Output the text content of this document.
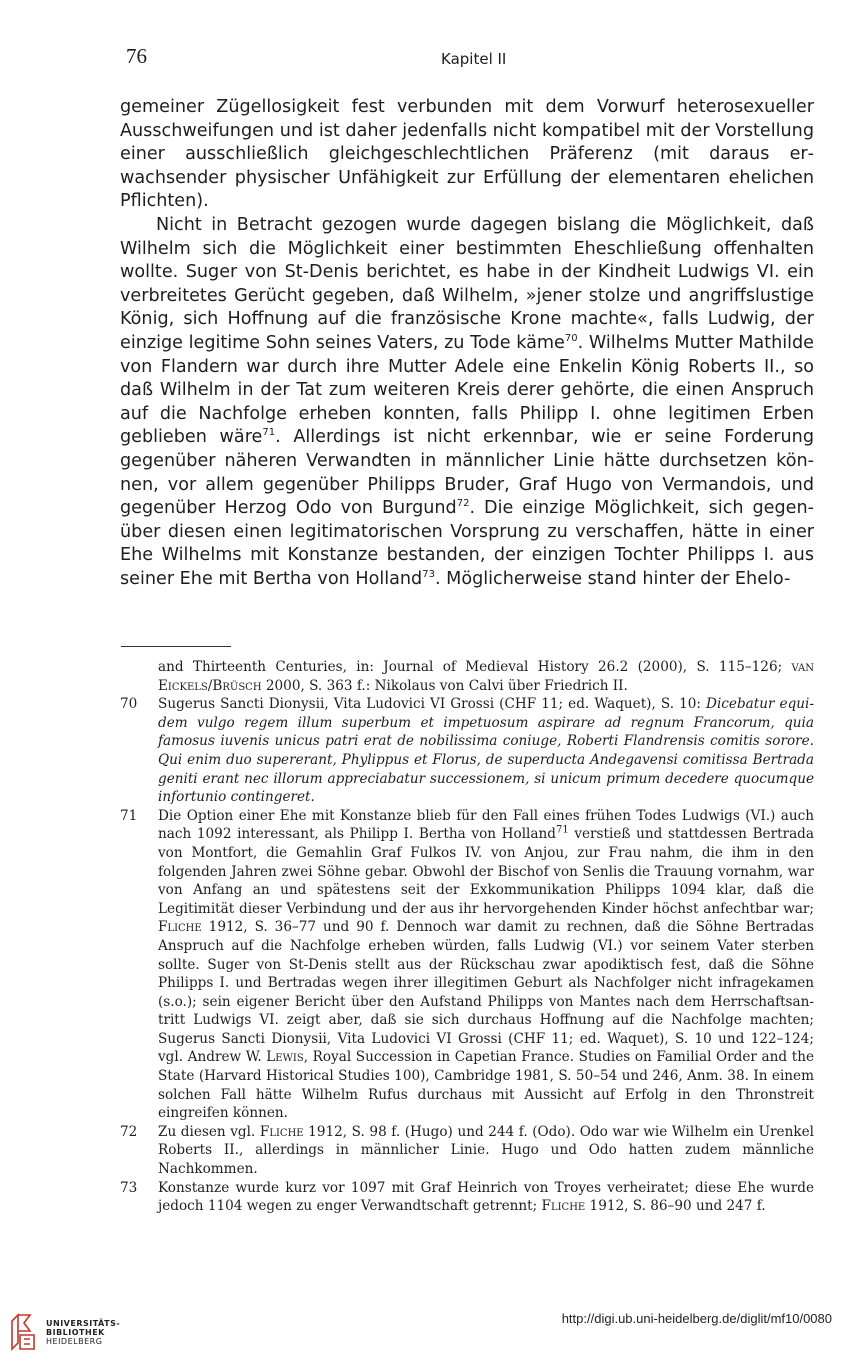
76	Kapitel II

gemeiner Zügellosigkeit fest verbunden mit dem Vorwurf heterosexueller Ausschweifungen und ist daher jedenfalls nicht kompatibel mit der Vorstellung einer ausschließlich gleichgeschlechtlichen Präferenz (mit daraus erwachsender physischer Unfähigkeit zur Erfüllung der elementaren ehelichen Pflichten).

Nicht in Betracht gezogen wurde dagegen bislang die Möglichkeit, daß Wilhelm sich die Möglichkeit einer bestimmten Eheschließung offenhalten wollte. Suger von St-Denis berichtet, es habe in der Kindheit Ludwigs VI. ein verbreitetes Gerücht gegeben, daß Wilhelm, »jener stolze und angriffslustige König, sich Hoffnung auf die französische Krone machte«, falls Ludwig, der einzige legitime Sohn seines Vaters, zu Tode käme$^{70}$. Wilhelms Mutter Mathilde von Flandern war durch ihre Mutter Adele eine Enkelin König Roberts II., so daß Wilhelm in der Tat zum weiteren Kreis derer gehörte, die einen Anspruch auf die Nachfolge erheben konnten, falls Philipp I. ohne legitimen Erben geblieben wäre$^{71}$. Allerdings ist nicht erkennbar, wie er seine Forderung gegenüber näheren Verwandten in männlicher Linie hätte durchsetzen können, vor allem gegenüber Philipps Bruder, Graf Hugo von Vermandois, und gegenüber Herzog Odo von Burgund$^{72}$. Die einzige Möglichkeit, sich gegenüber diesen einen legitimatorischen Vorsprung zu verschaffen, hätte in einer Ehe Wilhelms mit Konstanze bestanden, der einzigen Tochter Philipps I. aus seiner Ehe mit Bertha von Holland$^{73}$. Möglicherweise stand hinter der Ehelo-

and Thirteenth Centuries, in: Journal of Medieval History 26.2 (2000), S. 115–126; van Eickels/Brüsch 2000, S. 363 f.: Nikolaus von Calvi über Friedrich II.

70 Sugerus Sancti Dionysii, Vita Ludovici VI Grossi (CHF 11; ed. Waquet), S. 10: Dicebatur equidem vulgo regem illum superbum et impetuosum aspirare ad regnum Francorum, quia famosus iuvenis unicus patri erat de nobilissima coniuge, Roberti Flandrensis comitis sorore. Qui enim duo supererant, Phylippus et Florus, de superducta Andegavensi comitissa Bertrada geniti erant nec illorum appreciabatur successionem, si unicum primum decedere quocumque infortunio contingeret.

71 Die Option einer Ehe mit Konstanze blieb für den Fall eines frühen Todes Ludwigs (VI.) auch nach 1092 interessant, als Philipp I. Bertha von Holland$^{71}$ verstieß und stattdessen Bertrada von Montfort, die Gemahlin Graf Fulkos IV. von Anjou, zur Frau nahm, die ihm in den folgenden Jahren zwei Söhne gebar. Obwohl der Bischof von Senlis die Trauung vornahm, war von Anfang an und spätestens seit der Exkommunikation Philipps 1094 klar, daß die Legitimität dieser Verbindung und der aus ihr hervorgehenden Kinder höchst anfechtbar war; Fliche 1912, S. 36–77 und 90 f. Dennoch war damit zu rechnen, daß die Söhne Bertradas Anspruch auf die Nachfolge erheben würden, falls Ludwig (VI.) vor seinem Vater sterben sollte. Suger von St-Denis stellt aus der Rückschau zwar apodiktisch fest, daß die Söhne Philipps I. und Bertradas wegen ihrer illegitimen Geburt als Nachfolger nicht infragekamen (s.o.); sein eigener Bericht über den Aufstand Philipps von Mantes nach dem Herrschaftsantritt Ludwigs VI. zeigt aber, daß sie sich durchaus Hoffnung auf die Nachfolge machten; Sugerus Sancti Dionysii, Vita Ludovici VI Grossi (CHF 11; ed. Waquet), S. 10 und 122–124; vgl. Andrew W. Lewis, Royal Succession in Capetian France. Studies on Familial Order and the State (Harvard Historical Studies 100), Cambridge 1981, S. 50–54 und 246, Anm. 38. In einem solchen Fall hätte Wilhelm Rufus durchaus mit Aussicht auf Erfolg in den Thronstreit eingreifen können.

72 Zu diesen vgl. Fliche 1912, S. 98 f. (Hugo) und 244 f. (Odo). Odo war wie Wilhelm ein Urenkel Roberts II., allerdings in männlicher Linie. Hugo und Odo hatten zudem männliche Nachkommen.

73 Konstanze wurde kurz vor 1097 mit Graf Heinrich von Troyes verheiratet; diese Ehe wurde jedoch 1104 wegen zu enger Verwandtschaft getrennt; Fliche 1912, S. 86–90 und 247 f.

UNIVERSITÄTS-
BIBLIOTHEK
HEIDELBERG
http://digi.ub.uni-heidelberg.de/diglit/mf10/0080
